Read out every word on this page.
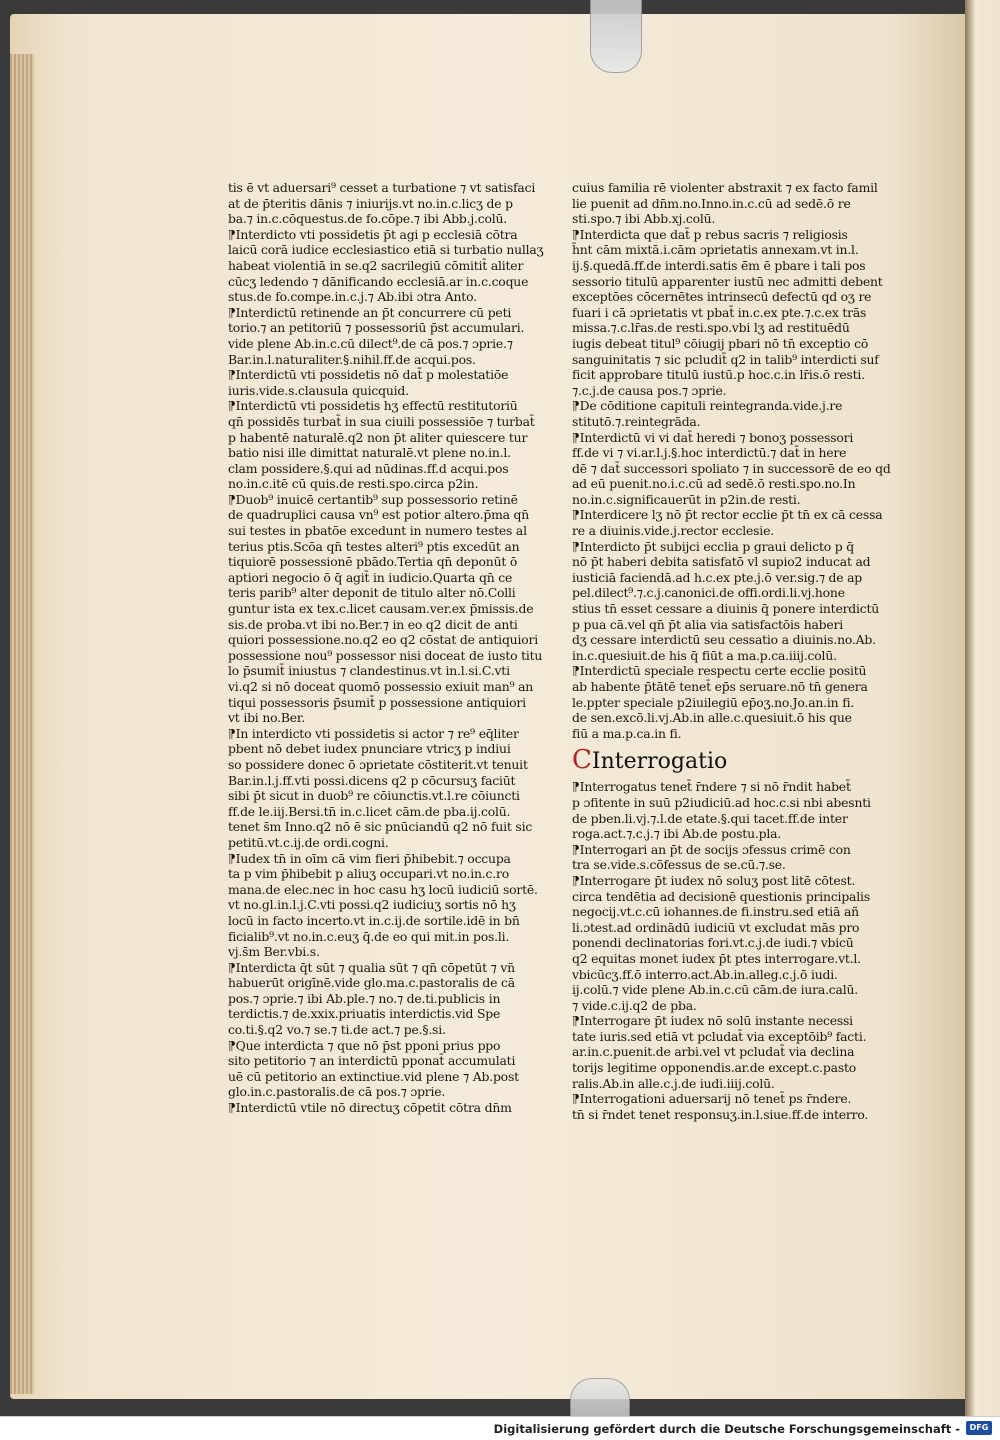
tis ē vt aduersari⁹ cesset a turbatione ⁊ vt satisfaci
at de p̄teritis dānis ⁊ iniurijs.vt no.in.c.licʒ de p
ba.⁊ in.c.cōquestus.de fo.cōpe.⁊ ibi Abb.j.colū.
⁋Interdicto vti possidetis p̄t agi p ecclesiā cōtra
laicū corā iudice ecclesiastico etiā si turbatio nullaʒ
habeat violentiā in se.q2 sacrilegiū cōmitit̄ aliter
cūcʒ ledendo ⁊ dānificando ecclesiā.ar in.c.coque
stus.de fo.compe.in.c.j.⁊ Ab.ibi ɔtra Anto.
⁋Interdictū retinende an p̄t concurrere cū peti
torio.⁊ an petitoriū ⁊ possessoriū p̄st accumulari.
vide plene Ab.in.c.cū dilect⁹.de cā pos.⁊ ɔprie.⁊
Bar.in.l.naturaliter.§.nihil.ff.de acqui.pos.
⁋Interdictū vti possidetis nō dat̄ p molestatiōe
iuris.vide.s.clausula quicquid.
⁋Interdictū vti possidetis hʒ effectū restitutoriū
qn̄ possidēs turbat̄ in sua ciuili possessiōe ⁊ turbat̄
p habentē naturalē.q2 non p̄t aliter quiescere tur
batio nisi ille dimittat naturalē.vt plene no.in.l.
clam possidere.§.qui ad nūdinas.ff.d acqui.pos
no.in.c.itē cū quis.de resti.spo.circa p2in.
⁋Duob⁹ inuicē certantib⁹ sup possessorio retinē
de quadruplici causa vn⁹ est potior altero.p̄ma qn̄
sui testes in pbatōe excedunt in numero testes al
terius ptis.Scōa qn̄ testes alteri⁹ ptis excedūt an
tiquiorē possessionē pbādo.Tertia qn̄ deponūt ō
aptiori negocio ō q̄ agit̄ in iudicio.Quarta qn̄ ce
teris parib⁹ alter deponit de titulo alter nō.Colli
guntur ista ex tex.c.licet causam.ver.ex p̄missis.de
sis.de proba.vt ibi no.Ber.⁊ in eo q2 dicit de anti
quiori possessione.no.q2 eo q2 cōstat de antiquiori
possessione nou⁹ possessor nisi doceat de iusto titu
lo p̄sumit̄ iniustus ⁊ clandestinus.vt in.l.si.C.vti
vi.q2 si nō doceat quomō possessio exiuit man⁹ an
tiqui possessoris p̄sumit̄ p possessione antiquiori
vt ibi no.Ber.
⁋In interdicto vti possidetis si actor ⁊ re⁹ eq̄liter
pbent nō debet iudex pnunciare vtricʒ p indiui
so possidere donec ō ɔprietate cōstiterit.vt tenuit
Bar.in.l.j.ff.vti possi.dicens q2 p cōcursuʒ faciūt
sibi p̄t sicut in duob⁹ re cōiunctis.vt.l.re cōiuncti
ff.de le.iij.Bersi.tn̄ in.c.licet cām.de pba.ij.colū.
tenet s̄m Inno.q2 nō ē sic pnūciandū q2 nō fuit sic
petitū.vt.c.ij.de ordi.cogni.
⁋Iudex tn̄ in oīm cā vim fieri p̄hibebit.⁊ occupa
ta p vim p̄hibebit p aliuʒ occupari.vt no.in.c.ro
mana.de elec.nec in hoc casu hʒ locū iudiciū sortē.
vt no.gl.in.l.j.C.vti possi.q2 iudiciuʒ sortis nō hʒ
locū in facto incerto.vt in.c.ij.de sortile.idē in bn̄
ficialib⁹.vt no.in.c.euʒ q̄.de eo qui mit.in pos.li.
vj.s̄m Ber.vbi.s.
⁋Interdicta q̄t sūt ⁊ qualia sūt ⁊ qn̄ cōpetūt ⁊ vn̄
habuerūt origīnē.vide glo.ma.c.pastoralis de cā
pos.⁊ ɔprie.⁊ ibi Ab.ple.⁊ no.⁊ de.ti.publicis in
terdictis.⁊ de.xxix.priuatis interdictis.vid Spe
co.ti.§.q2 vo.⁊ se.⁊ ti.de act.⁊ pe.§.si.
⁋Que interdicta ⁊ que nō p̄st pponi prius ppo
sito petitorio ⁊ an interdictū pponat̄ accumulati
uē cū petitorio an extinctiue.vid plene ⁊ Ab.post
glo.in.c.pastoralis.de cā pos.⁊ ɔprie.
⁋Interdictū vtile nō directuʒ cōpetit cōtra dn̄m
cuius familia rē violenter abstraxit ⁊ ex facto famil
lie puenit ad dn̄m.no.Inno.in.c.cū ad sedē.ō re
sti.spo.⁊ ibi Abb.xj.colū.
⁋Interdicta que dat̄ p rebus sacris ⁊ religiosis
h̄nt cām mixtā.i.cām ɔprietatis annexam.vt in.l.
ij.§.quedā.ff.de interdi.satis ē̄m ē pbare i tali pos
sessorio titulū apparenter iustū nec admitti debent
exceptōes cōcernētes intrinsecū defectū qd oʒ re
fuari i cā ɔprietatis vt pbat̄ in.c.ex pte.⁊.c.ex trās
missa.⁊.c.lr̄as.de resti.spo.vbi lʒ ad restituēdū
iugis debeat titul⁹ cōiugij pbari nō tn̄ exceptio cō
sanguinitatis ⁊ sic pcludit̄ q2 in talib⁹ interdicti suf
ficit approbare titulū iustū.p hoc.c.in lr̄is.ō resti.
⁊.c.j.de causa pos.⁊ ɔprie.
⁋De cōditione capituli reintegranda.vide.j.re
stitutō.⁊.reintegrāda.
⁋Interdictū vi vi dat̄ heredi ⁊ bonoʒ possessori
ff.de vi ⁊ vi.ar.l.j.§.hoc interdictū.⁊ dat̄ in here
dē ⁊ dat̄ successori spoliato ⁊ in successorē de eo qd
ad eū puenit.no.i.c.cū ad sedē.ō resti.spo.no.In
no.in.c.significauerūt in p2in.de resti.
⁋Interdicere lʒ nō p̄t rector ecclie p̄t tn̄ ex cā cessa
re a diuinis.vide.j.rector ecclesie.
⁋Interdicto p̄t subijci ecclia p graui delicto p q̄
nō p̄t haberi debita satisfatō vl supio2 inducat ad
iusticiā faciendā.ad h.c.ex pte.j.ō ver.sig.⁊ de ap
pel.dilect⁹.⁊.c.j.canonici.de offi.ordi.li.vj.hone
stius tn̄ esset cessare a diuinis q̄ ponere interdictū
p pua cā.vel qn̄ p̄t alia via satisfactōis haberi
dʒ cessare interdictū seu cessatio a diuinis.no.Ab.
in.c.quesiuit.de his q̄ fiūt a ma.p.ca.iiij.colū.
⁋Interdictū speciale respectu certe ecclie positū
ab habente p̄tātē tenet̄ ep̄s seruare.nō tn̄ genera
le.ppter speciale p2iuilegiū ep̄oʒ.no.Jo.an.in fi.
de sen.excō.li.vj.Ab.in alle.c.quesiuit.ō his que
fiū a ma.p.ca.in fi.
CInterrogatio
⁋Interrogatus tenet̄ r̄ndere ⁊ si nō r̄ndit habet̄
p ɔfitente in suū p2iudiciū.ad hoc.c.si nbi abesnti
de pben.li.vj.⁊.l.de etate.§.qui tacet.ff.de inter
roga.act.⁊.c.j.⁊ ibi Ab.de postu.pla.
⁋Interrogari an p̄t de socijs ɔfessus crimē con
tra se.vide.s.cōfessus de se.cū.⁊.se.
⁋Interrogare p̄t iudex nō soluʒ post litē cōtest.
circa tendētia ad decisionē questionis principalis
negocij.vt.c.cū iohannes.de fi.instru.sed etiā añ
li.ɔtest.ad ordinādū iudiciū vt excludat mās pro
ponendi declinatorias fori.vt.c.j.de iudi.⁊ vbicū
q2 equitas monet iudex p̄t ptes interrogare.vt.l.
vbicūcʒ.ff.ō interro.act.Ab.in.alleg.c.j.ō iudi.
ij.colū.⁊ vide plene Ab.in.c.cū cām.de iura.calū.
⁊ vide.c.ij.q2 de pba.
⁋Interrogare p̄t iudex nō solū instante necessi
tate iuris.sed etiā vt pcludat̄ via exceptōib⁹ facti.
ar.in.c.puenit.de arbi.vel vt pcludat̄ via declina
torijs legitime opponendis.ar.de except.c.pasto
ralis.Ab.in alle.c.j.de iudi.iiij.colū.
⁋Interrogationi aduersarij nō tenet̄ ps r̄ndere.
tn̄ si r̄ndet tenet responsuʒ.in.l.siue.ff.de interro.
Digitalisierung gefördert durch die Deutsche Forschungsgemeinschaft -	DFG
